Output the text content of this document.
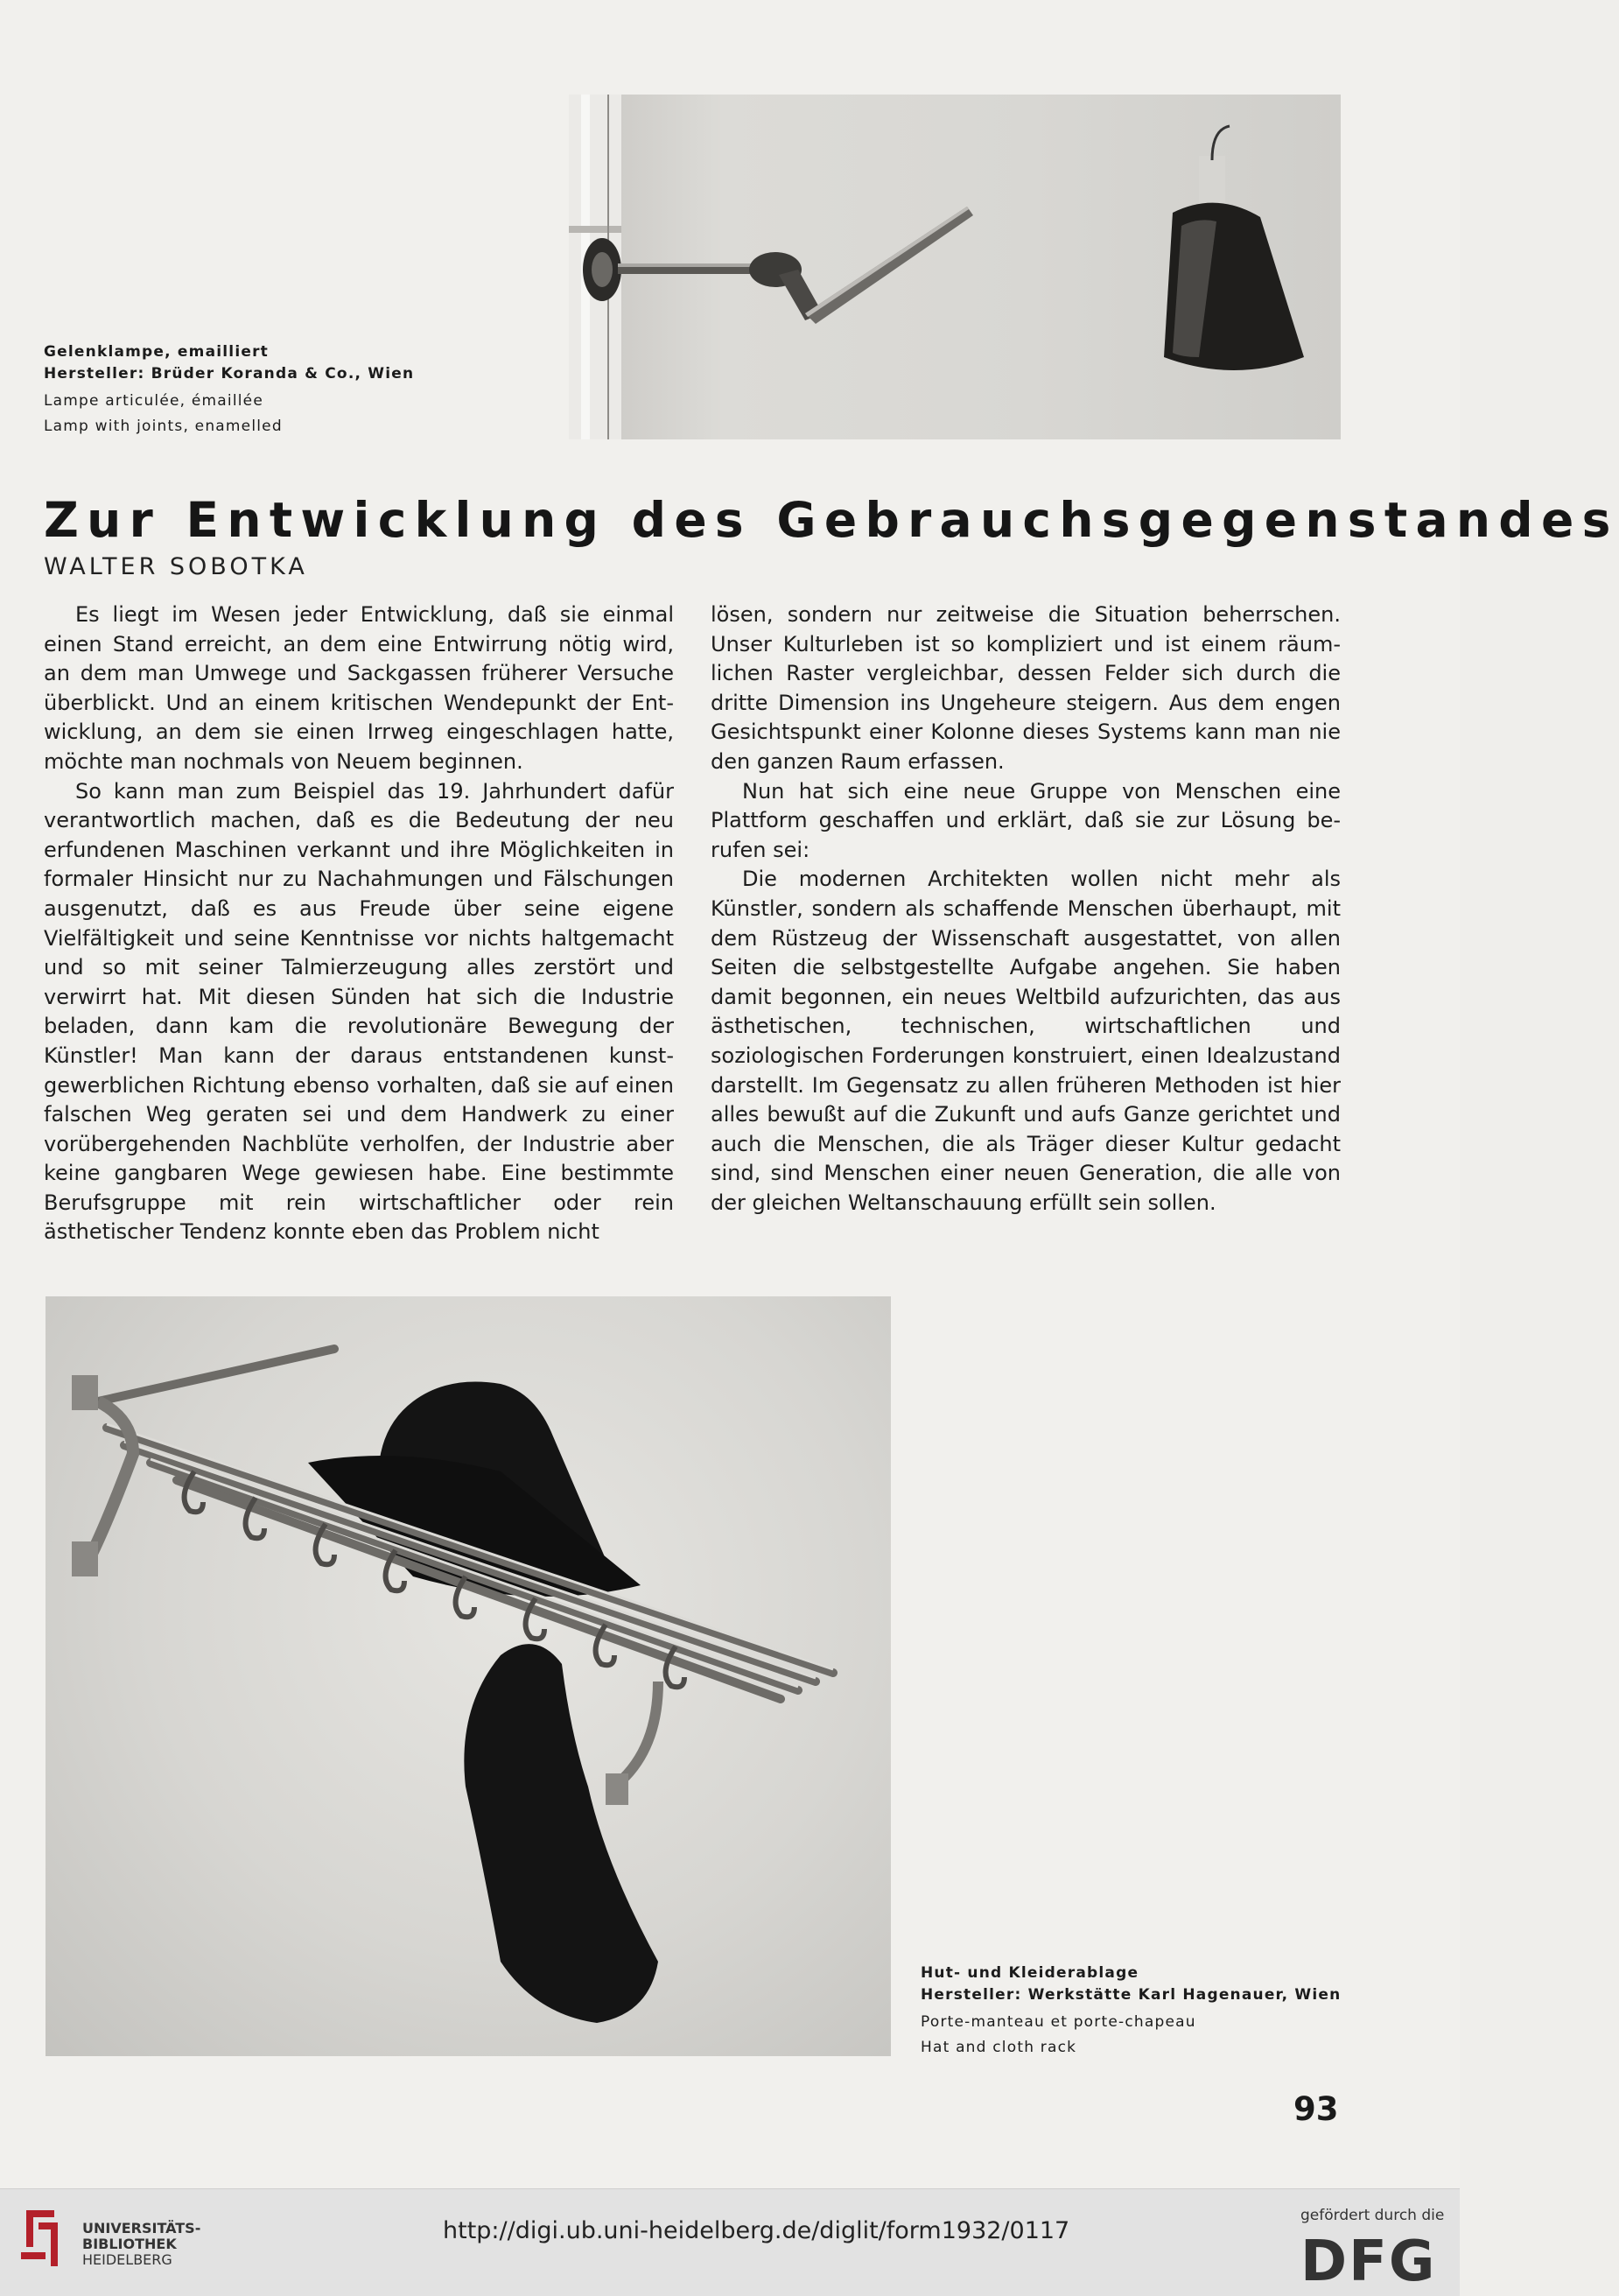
Gelenklampe, emailliert
Hersteller: Brüder Koranda & Co., Wien
Lampe articulée, émaillée
Lamp with joints, enamelled
Zur Entwicklung des Gebrauchsgegenstandes
WALTER SOBOTKA

Es liegt im Wesen jeder Entwicklung, daß sie einmal einen Stand erreicht, an dem eine Entwirrung nötig wird, an dem man Umwege und Sackgassen früherer Versuche überblickt. Und an einem kritischen Wendepunkt der Entwicklung, an dem sie einen Irrweg eingeschlagen hatte, möchte man nochmals von Neuem beginnen.

So kann man zum Beispiel das 19. Jahrhundert dafür verantwortlich machen, daß es die Bedeutung der neu erfundenen Maschinen verkannt und ihre Möglichkeiten in formaler Hinsicht nur zu Nachahmungen und Fälschungen ausgenutzt, daß es aus Freude über seine eigene Vielfältigkeit und seine Kenntnisse vor nichts haltgemacht und so mit seiner Talmierzeugung alles zerstört und verwirrt hat. Mit diesen Sünden hat sich die Industrie beladen, dann kam die revolutionäre Bewegung der Künstler! Man kann der daraus entstandenen kunstgewerblichen Richtung ebenso vorhalten, daß sie auf einen falschen Weg geraten sei und dem Handwerk zu einer vorübergehenden Nachblüte verholfen, der Industrie aber keine gangbaren Wege gewiesen habe. Eine bestimmte Berufsgruppe mit rein wirtschaftlicher oder rein ästhetischer Tendenz konnte eben das Problem nicht

lösen, sondern nur zeitweise die Situation beherrschen. Unser Kulturleben ist so kompliziert und ist einem räumlichen Raster vergleichbar, dessen Felder sich durch die dritte Dimension ins Ungeheure steigern. Aus dem engen Gesichtspunkt einer Kolonne dieses Systems kann man nie den ganzen Raum erfassen.

Nun hat sich eine neue Gruppe von Menschen eine Plattform geschaffen und erklärt, daß sie zur Lösung berufen sei:

Die modernen Architekten wollen nicht mehr als Künstler, sondern als schaffende Menschen überhaupt, mit dem Rüstzeug der Wissenschaft ausgestattet, von allen Seiten die selbstgestellte Aufgabe angehen. Sie haben damit begonnen, ein neues Weltbild aufzurichten, das aus ästhetischen, technischen, wirtschaftlichen und soziologischen Forderungen konstruiert, einen Idealzustand darstellt. Im Gegensatz zu allen früheren Methoden ist hier alles bewußt auf die Zukunft und aufs Ganze gerichtet und auch die Menschen, die als Träger dieser Kultur gedacht sind, sind Menschen einer neuen Generation, die alle von der gleichen Weltanschauung erfüllt sein sollen.

Hut- und Kleiderablage
Hersteller: Werkstätte Karl Hagenauer, Wien
Porte-manteau et porte-chapeau
Hat and cloth rack
93
UNIVERSITÄTS-
BIBLIOTHEK
HEIDELBERG
http://digi.ub.uni-heidelberg.de/diglit/form1932/0117
gefördert durch die
DFG
